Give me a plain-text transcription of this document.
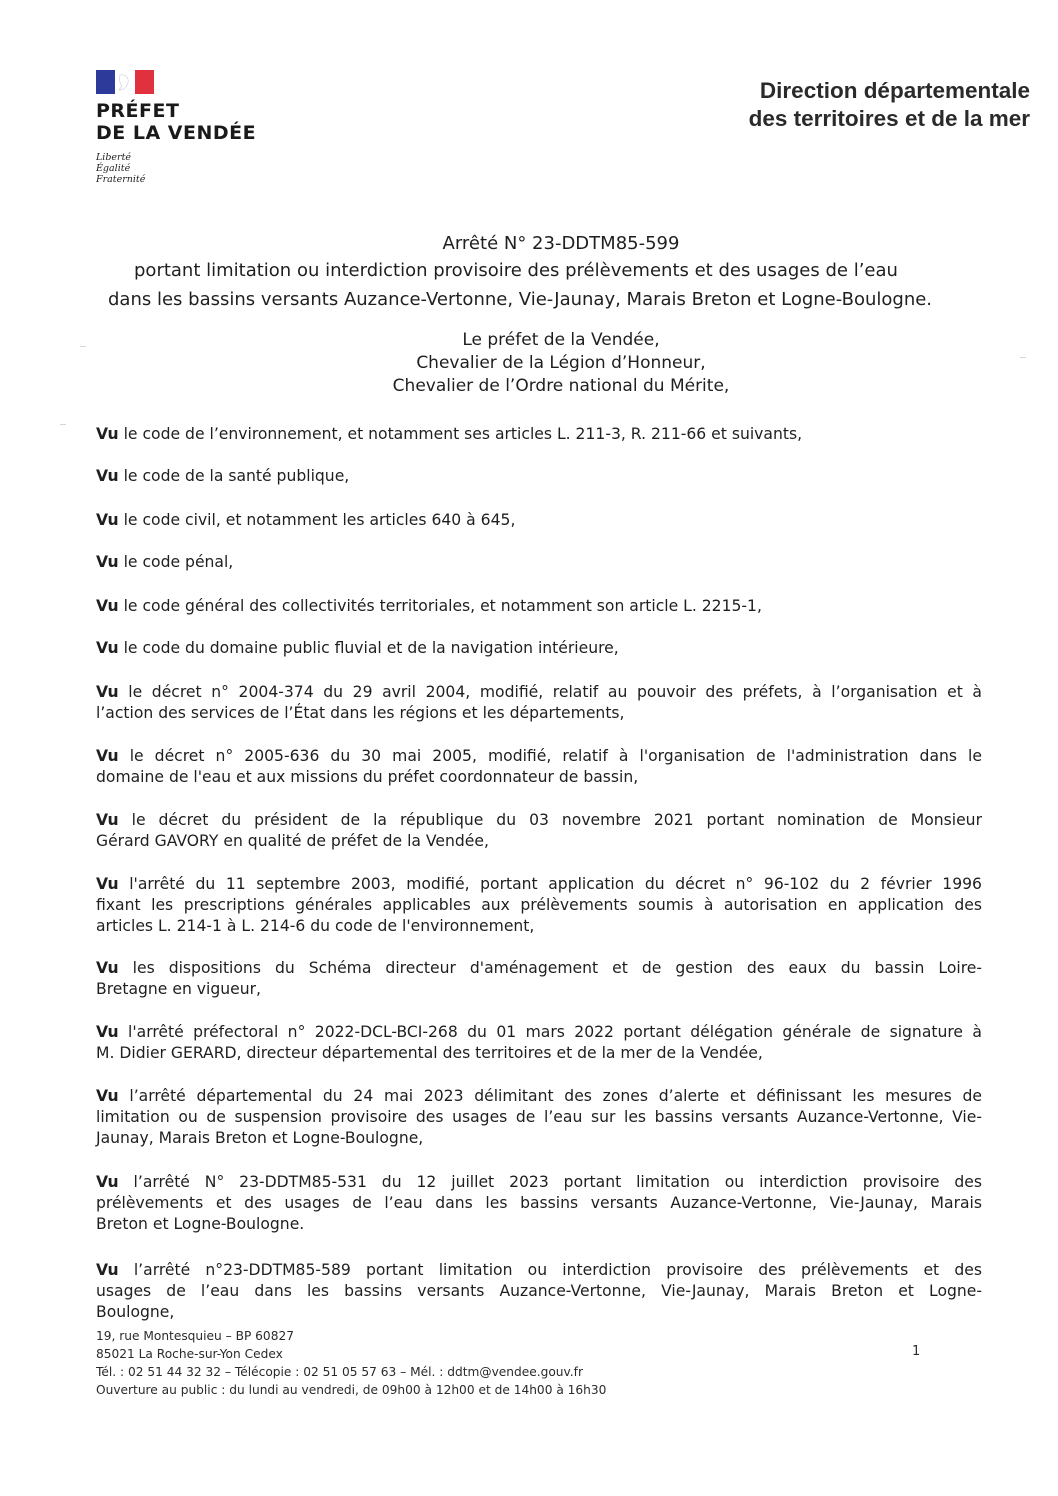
PRÉFET
DE LA VENDÉE
Liberté
Égalité
Fraternité
Direction départementale
des territoires et de la mer
Arrêté N° 23-DDTM85-599
portant limitation ou interdiction provisoire des prélèvements et des usages de l’eau
dans les bassins versants Auzance-Vertonne, Vie-Jaunay, Marais Breton et Logne-Boulogne.
Le préfet de la Vendée,
Chevalier de la Légion d’Honneur,
Chevalier de l’Ordre national du Mérite,
Vu le code de l’environnement, et notamment ses articles L. 211-3, R. 211-66 et suivants,
Vu le code de la santé publique,
Vu le code civil, et notamment les articles 640 à 645,
Vu le code pénal,
Vu le code général des collectivités territoriales, et notamment son article L. 2215-1,
Vu le code du domaine public fluvial et de la navigation intérieure,
Vu le décret n° 2004-374 du 29 avril 2004, modifié, relatif au pouvoir des préfets, à l’organisation et à
l’action des services de l’État dans les régions et les départements,
Vu le décret n° 2005-636 du 30 mai 2005, modifié, relatif à l'organisation de l'administration dans le
domaine de l'eau et aux missions du préfet coordonnateur de bassin,
Vu le décret du président de la république du 03 novembre 2021 portant nomination de Monsieur
Gérard GAVORY en qualité de préfet de la Vendée,
Vu l'arrêté du 11 septembre 2003, modifié, portant application du décret n° 96-102 du 2 février 1996
fixant les prescriptions générales applicables aux prélèvements soumis à autorisation en application des
articles L. 214-1 à L. 214-6 du code de l'environnement,
Vu les dispositions du Schéma directeur d'aménagement et de gestion des eaux du bassin Loire-
Bretagne en vigueur,
Vu l'arrêté préfectoral n° 2022-DCL-BCI-268 du 01 mars 2022 portant délégation générale de signature à
M. Didier GERARD, directeur départemental des territoires et de la mer de la Vendée,
Vu l’arrêté départemental du 24 mai 2023 délimitant des zones d’alerte et définissant les mesures de
limitation ou de suspension provisoire des usages de l’eau sur les bassins versants Auzance-Vertonne, Vie-
Jaunay, Marais Breton et Logne-Boulogne,
Vu l’arrêté N° 23-DDTM85-531 du 12 juillet 2023 portant limitation ou interdiction provisoire des
prélèvements et des usages de l’eau dans les bassins versants Auzance-Vertonne, Vie-Jaunay, Marais
Breton et Logne-Boulogne.
Vu l’arrêté n°23-DDTM85-589 portant limitation ou interdiction provisoire des prélèvements et des
usages de l’eau dans les bassins versants Auzance-Vertonne, Vie-Jaunay, Marais Breton et Logne-
Boulogne,
19, rue Montesquieu – BP 60827
85021 La Roche-sur-Yon Cedex
Tél. : 02 51 44 32 32 – Télécopie : 02 51 05 57 63 – Mél. : ddtm@vendee.gouv.fr
Ouverture au public : du lundi au vendredi, de 09h00 à 12h00 et de 14h00 à 16h30
1
